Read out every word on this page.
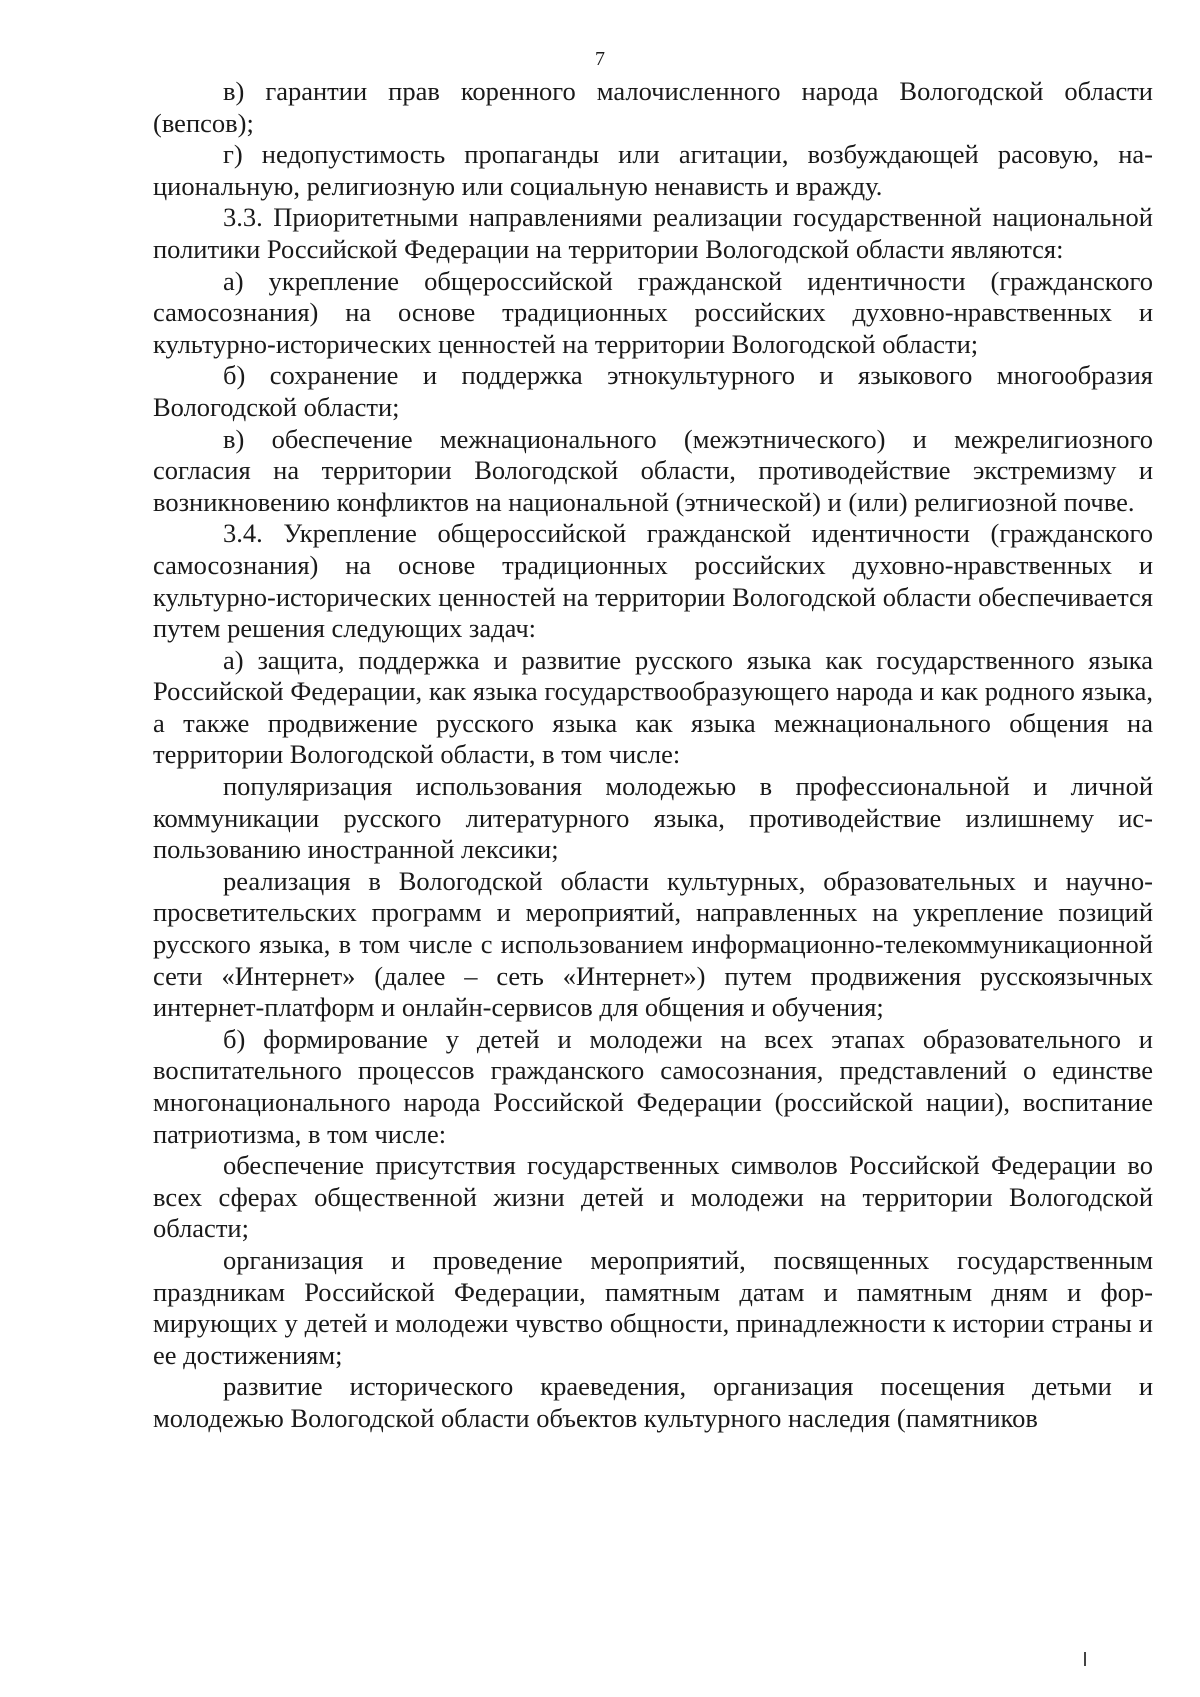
7

в) гарантии прав коренного малочисленного народа Вологодской области (вепсов);

г) недопустимость пропаганды или агитации, возбуждающей расовую, национальную, религиозную или социальную ненависть и вражду.

3.3. Приоритетными направлениями реализации государственной национальной политики Российской Федерации на территории Вологодской области являются:

а) укрепление общероссийской гражданской идентичности (гражданского самосознания) на основе традиционных российских духовно-нравственных и культурно-исторических ценностей на территории Вологодской области;

б) сохранение и поддержка этнокультурного и языкового многообразия Вологодской области;

в) обеспечение межнационального (межэтнического) и межрелигиозного согласия на территории Вологодской области, противодействие экстремизму и возникновению конфликтов на национальной (этнической) и (или) религиозной почве.

3.4. Укрепление общероссийской гражданской идентичности (гражданского самосознания) на основе традиционных российских духовно-нравственных и культурно-исторических ценностей на территории Вологодской области обеспечивается путем решения следующих задач:

а) защита, поддержка и развитие русского языка как государственного языка Российской Федерации, как языка государствообразующего народа и как родного языка, а также продвижение русского языка как языка межнационального общения на территории Вологодской области, в том числе:

популяризация использования молодежью в профессиональной и личной коммуникации русского литературного языка, противодействие излишнему использованию иностранной лексики;

реализация в Вологодской области культурных, образовательных и научно-просветительских программ и мероприятий, направленных на укрепление позиций русского языка, в том числе с использованием информационно-телекоммуникационной сети «Интернет» (далее – сеть «Интернет») путем продвижения русскоязычных интернет-платформ и онлайн-сервисов для общения и обучения;

б) формирование у детей и молодежи на всех этапах образовательного и воспитательного процессов гражданского самосознания, представлений о единстве многонационального народа Российской Федерации (российской нации), воспитание патриотизма, в том числе:

обеспечение присутствия государственных символов Российской Федерации во всех сферах общественной жизни детей и молодежи на территории Вологодской области;

организация и проведение мероприятий, посвященных государственным праздникам Российской Федерации, памятным датам и памятным дням и формирующих у детей и молодежи чувство общности, принадлежности к истории страны и ее достижениям;

развитие исторического краеведения, организация посещения детьми и молодежью Вологодской области объектов культурного наследия (памятников
